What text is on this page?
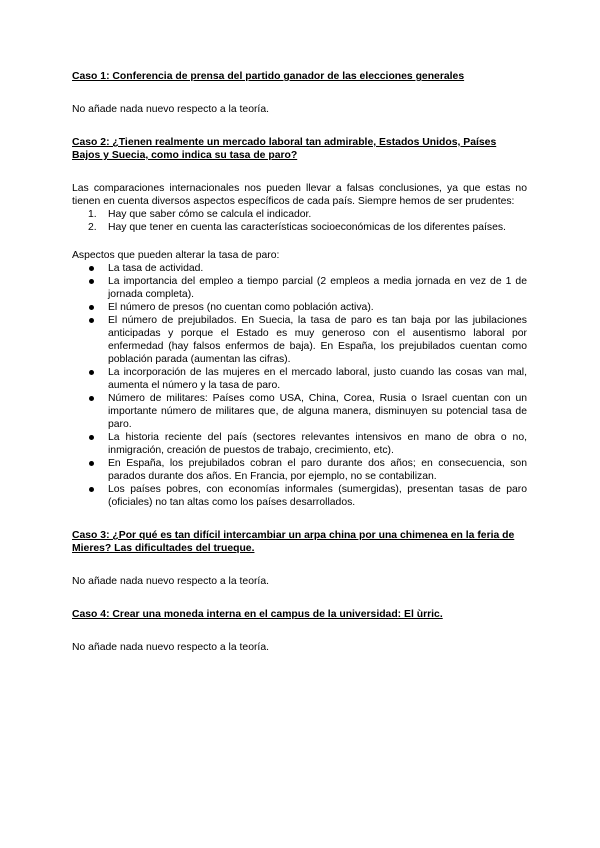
Caso 1: Conferencia de prensa del partido ganador de las elecciones generales

No añade nada nuevo respecto a la teoría.

Caso 2: ¿Tienen realmente un mercado laboral tan admirable, Estados Unidos, Países Bajos y Suecia, como indica su tasa de paro?

Las comparaciones internacionales nos pueden llevar a falsas conclusiones, ya que estas no tienen en cuenta diversos aspectos específicos de cada país. Siempre hemos de ser prudentes:

1. Hay que saber cómo se calcula el indicador.
2. Hay que tener en cuenta las características socioeconómicas de los diferentes países.

Aspectos que pueden alterar la tasa de paro:

La tasa de actividad.
La importancia del empleo a tiempo parcial (2 empleos a media jornada en vez de 1 de jornada completa).
El número de presos (no cuentan como población activa).
El número de prejubilados. En Suecia, la tasa de paro es tan baja por las jubilaciones anticipadas y porque el Estado es muy generoso con el ausentismo laboral por enfermedad (hay falsos enfermos de baja). En España, los prejubilados cuentan como población parada (aumentan las cifras).
La incorporación de las mujeres en el mercado laboral, justo cuando las cosas van mal, aumenta el número y la tasa de paro.
Número de militares: Países como USA, China, Corea, Rusia o Israel cuentan con un importante número de militares que, de alguna manera, disminuyen su potencial tasa de paro.
La historia reciente del país (sectores relevantes intensivos en mano de obra o no, inmigración, creación de puestos de trabajo, crecimiento, etc).
En España, los prejubilados cobran el paro durante dos años; en consecuencia, son parados durante dos años. En Francia, por ejemplo, no se contabilizan.
Los países pobres, con economías informales (sumergidas), presentan tasas de paro (oficiales) no tan altas como los países desarrollados.

Caso 3: ¿Por qué es tan difícil intercambiar un arpa china por una chimenea en la feria de Mieres? Las dificultades del trueque.

No añade nada nuevo respecto a la teoría.

Caso 4: Crear una moneda interna en el campus de la universidad: El ùrric.

No añade nada nuevo respecto a la teoría.
